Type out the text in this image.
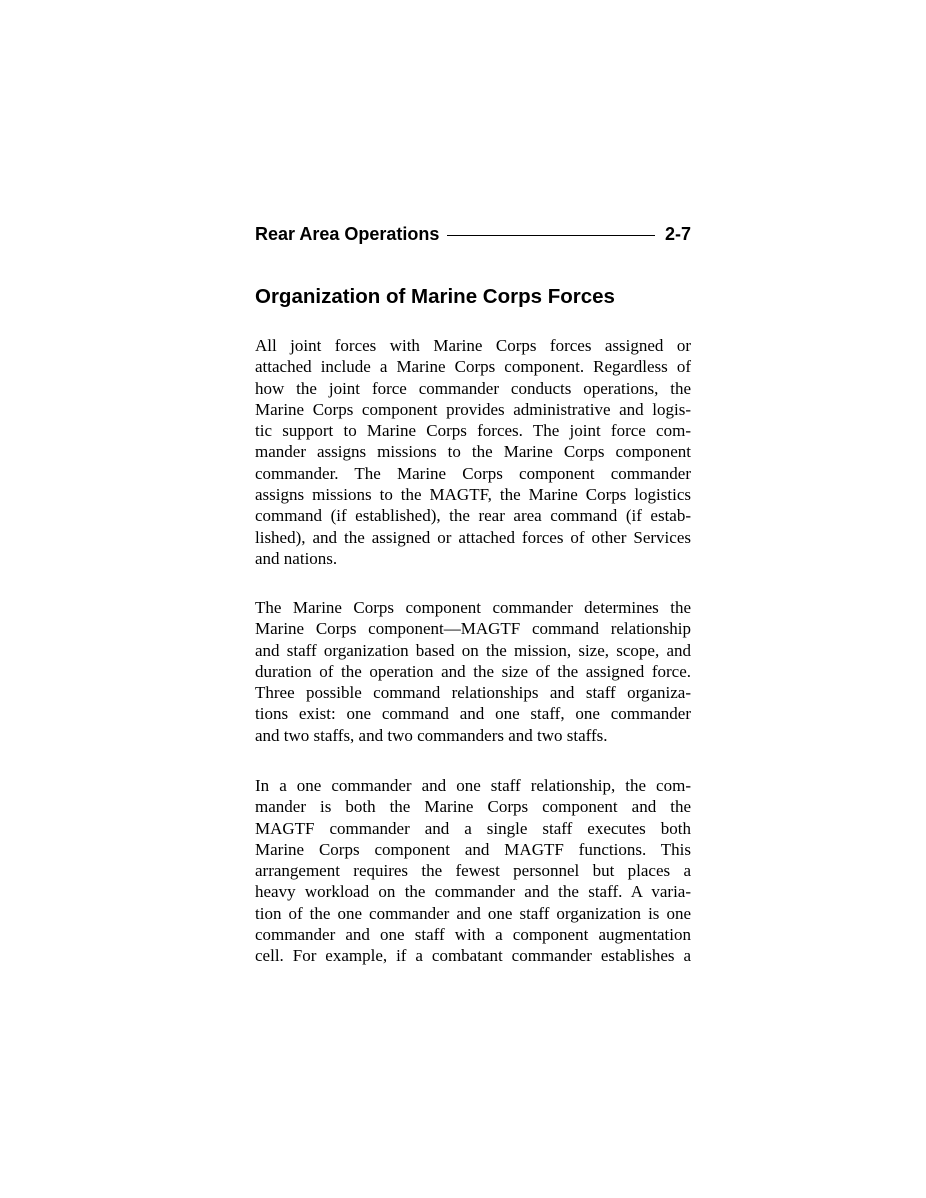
Rear Area Operations	2-7
Organization of Marine Corps Forces

All joint forces with Marine Corps forces assigned or
attached include a Marine Corps component. Regardless of
how the joint force commander conducts operations, the
Marine Corps component provides administrative and logis-
tic support to Marine Corps forces. The joint force com-
mander assigns missions to the Marine Corps component
commander. The Marine Corps component commander
assigns missions to the MAGTF, the Marine Corps logistics
command (if established), the rear area command (if estab-
lished), and the assigned or attached forces of other Services
and nations.

The Marine Corps component commander determines the
Marine Corps component—MAGTF command relationship
and staff organization based on the mission, size, scope, and
duration of the operation and the size of the assigned force.
Three possible command relationships and staff organiza-
tions exist: one command and one staff, one commander
and two staffs, and two commanders and two staffs.

In a one commander and one staff relationship, the com-
mander is both the Marine Corps component and the
MAGTF commander and a single staff executes both
Marine Corps component and MAGTF functions. This
arrangement requires the fewest personnel but places a
heavy workload on the commander and the staff. A varia-
tion of the one commander and one staff organization is one
commander and one staff with a component augmentation
cell. For example, if a combatant commander establishes a
